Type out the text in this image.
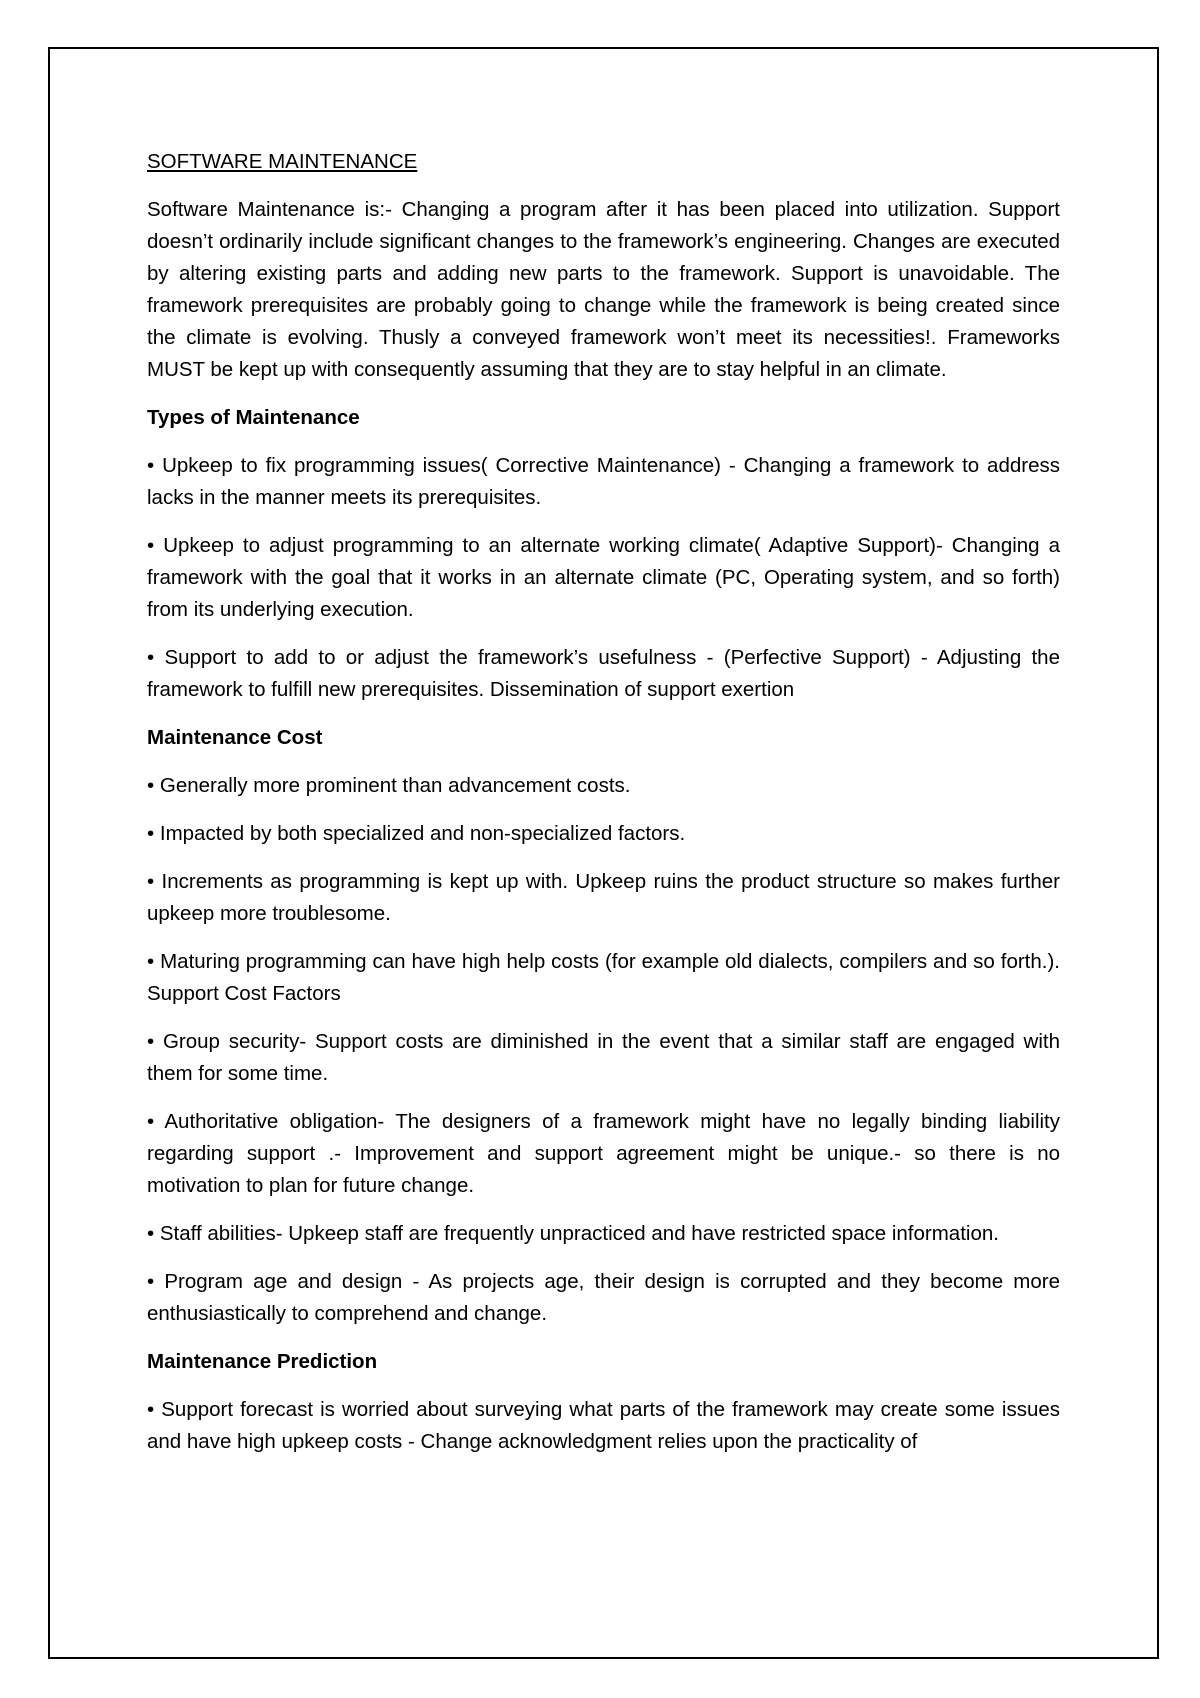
SOFTWARE MAINTENANCE

Software Maintenance is:- Changing a program after it has been placed into utilization. Support doesn’t ordinarily include significant changes to the framework’s engineering. Changes are executed by altering existing parts and adding new parts to the framework. Support is unavoidable. The framework prerequisites are probably going to change while the framework is being created since the climate is evolving. Thusly a conveyed framework won’t meet its necessities!. Frameworks MUST be kept up with consequently assuming that they are to stay helpful in an climate.

Types of Maintenance

• Upkeep to fix programming issues( Corrective Maintenance) - Changing a framework to address lacks in the manner meets its prerequisites.

• Upkeep to adjust programming to an alternate working climate( Adaptive Support)- Changing a framework with the goal that it works in an alternate climate (PC, Operating system, and so forth) from its underlying execution.

• Support to add to or adjust the framework’s usefulness - (Perfective Support) - Adjusting the framework to fulfill new prerequisites. Dissemination of support exertion

Maintenance Cost

• Generally more prominent than advancement costs.

• Impacted by both specialized and non-specialized factors.

• Increments as programming is kept up with. Upkeep ruins the product structure so makes further upkeep more troublesome.

• Maturing programming can have high help costs (for example old dialects, compilers and so forth.). Support Cost Factors

• Group security- Support costs are diminished in the event that a similar staff are engaged with them for some time.

• Authoritative obligation- The designers of a framework might have no legally binding liability regarding support .- Improvement and support agreement might be unique.- so there is no motivation to plan for future change.

• Staff abilities- Upkeep staff are frequently unpracticed and have restricted space information.

• Program age and design - As projects age, their design is corrupted and they become more enthusiastically to comprehend and change.

Maintenance Prediction

• Support forecast is worried about surveying what parts of the framework may create some issues and have high upkeep costs - Change acknowledgment relies upon the practicality of
